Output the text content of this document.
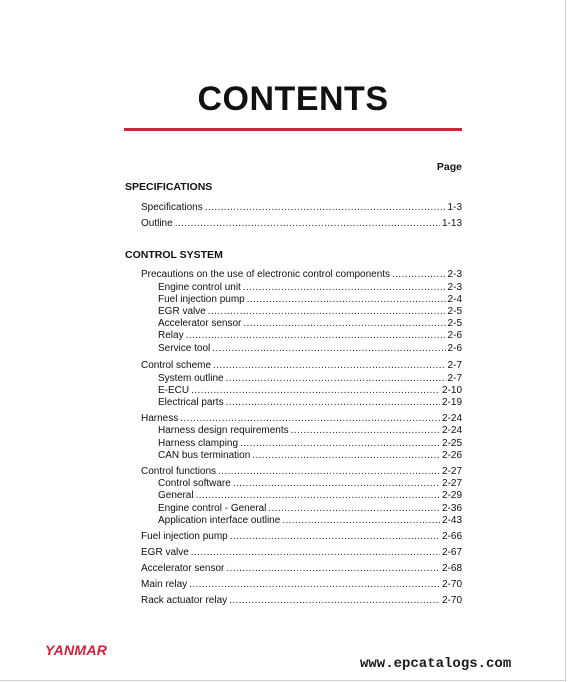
CONTENTS
Page
SPECIFICATIONS
Specifications .....	1-3
Outline .....	1-13
CONTROL SYSTEM
Precautions on the use of electronic control components .....	2-3
Engine control unit .....	2-3
Fuel injection pump .....	2-4
EGR valve .....	2-5
Accelerator sensor .....	2-5
Relay .....	2-6
Service tool .....	2-6
Control scheme .....	2-7
System outline .....	2-7
E-ECU .....	2-10
Electrical parts .....	2-19
Harness .....	2-24
Harness design requirements .....	2-24
Harness clamping .....	2-25
CAN bus termination .....	2-26
Control functions .....	2-27
Control software .....	2-27
General .....	2-29
Engine control - General .....	2-36
Application interface outline .....	2-43
Fuel injection pump .....	2-66
EGR valve .....	2-67
Accelerator sensor .....	2-68
Main relay .....	2-70
Rack actuator relay .....	2-70
YANMAR
www.epcatalogs.com
